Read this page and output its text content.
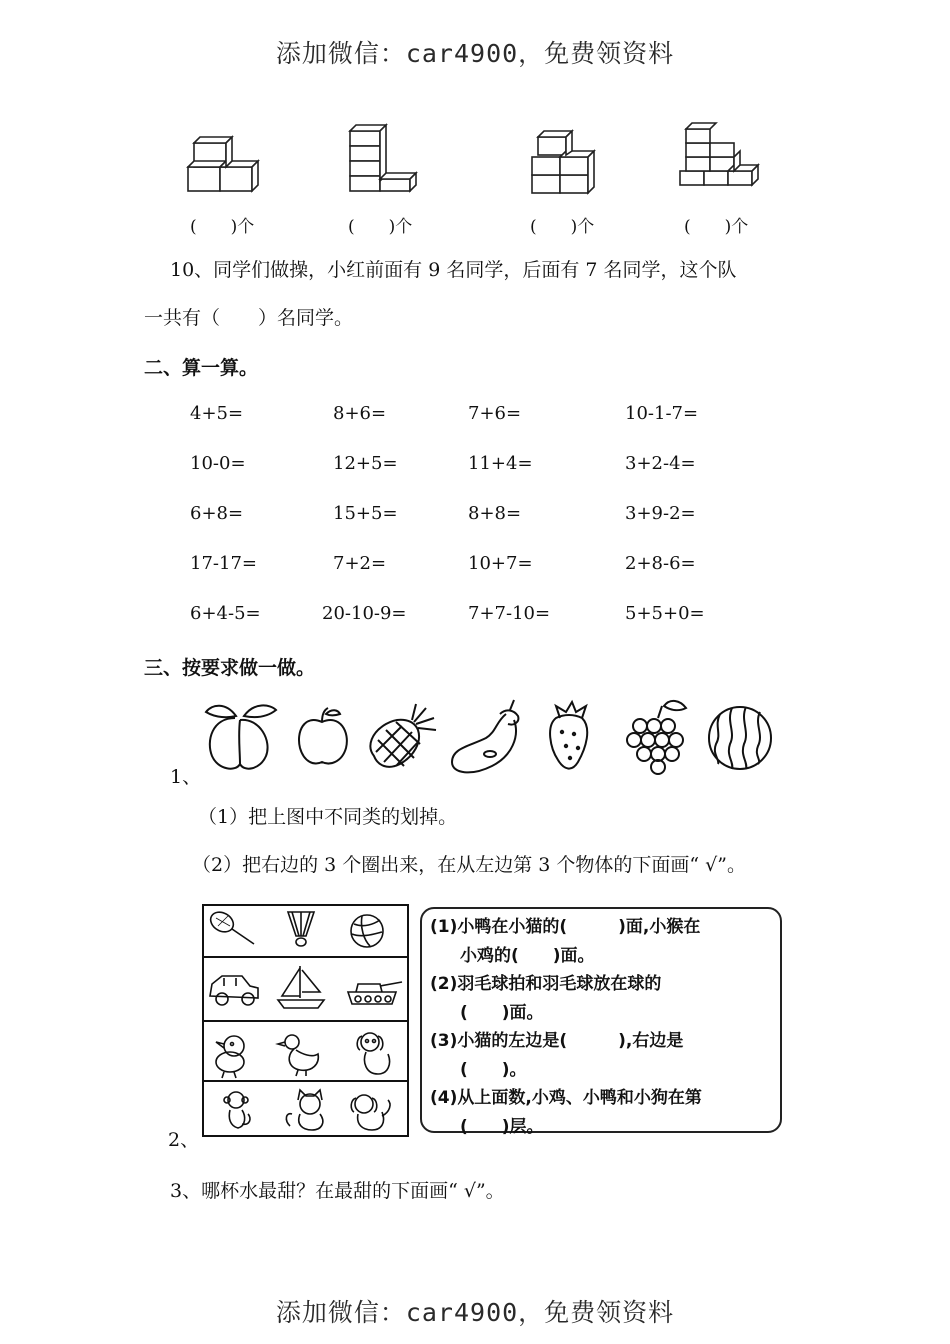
添加微信：car4900，免费领资料
(　　)个	(　　)个	(　　)个	(　　)个
10、同学们做操，小红前面有 9 名同学，后面有 7 名同学，这个队
一共有（　　）名同学。
二、算一算。
4+5=	8+6=	7+6=	10-1-7=
10-0=	12+5=	11+4=	3+2-4=
6+8=	15+5=	8+8=	3+9-2=
17-17=	7+2=	10+7=	2+8-6=
6+4-5=	20-10-9=	7+7-10=	5+5+0=
三、按要求做一做。
1、
（1）把上图中不同类的划掉。
（2）把右边的 3 个圈出来，在从左边第 3 个物体的下面画“ √”。
2、
(1)小鸭在小猫的(　　　)面,小猴在
小鸡的(　　)面。
(2)羽毛球拍和羽毛球放在球的
(　　)面。
(3)小猫的左边是(　　　),右边是
(　　)。
(4)从上面数,小鸡、小鸭和小狗在第
(　　)层。
3、哪杯水最甜？在最甜的下面画“ √”。
添加微信：car4900，免费领资料
